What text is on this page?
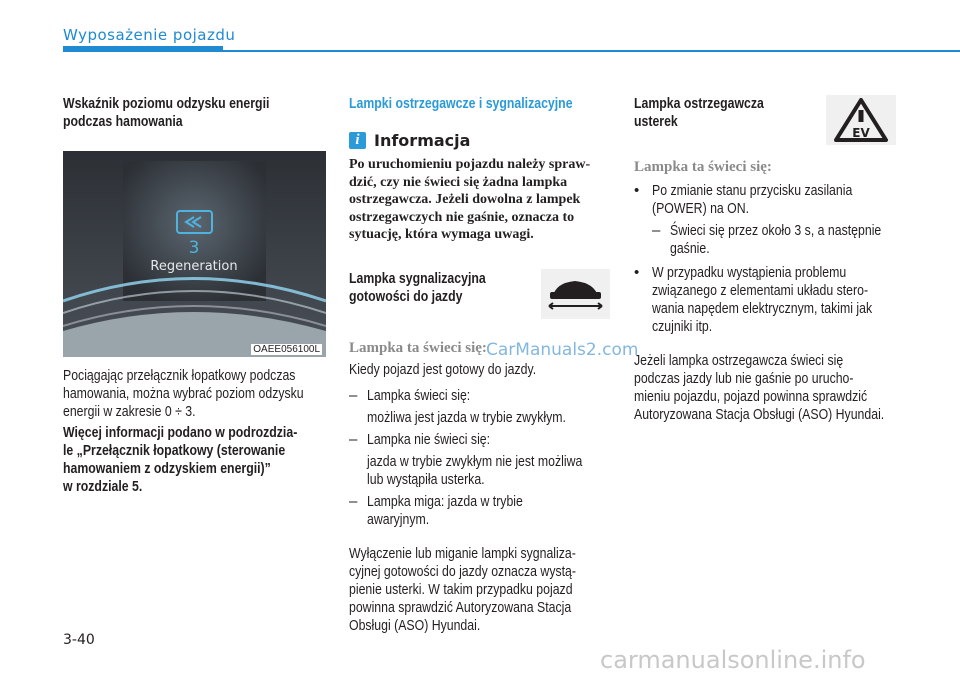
Wyposażenie pojazdu
Wskaźnik poziomu odzysku energii
podczas hamowania
3
Regeneration
OAEE056100L
Pociągając przełącznik łopatkowy podczas
hamowania, można wybrać poziom odzysku
energii w zakresie 0 ÷ 3.
Więcej informacji podano w podrozdzia-
le „Przełącznik łopatkowy (sterowanie
hamowaniem z odzyskiem energii)”
w rozdziale 5.
Lampki ostrzegawcze i sygnalizacyjne
i Informacja
Po uruchomieniu pojazdu należy spraw-
dzić, czy nie świeci się żadna lampka
ostrzegawcza. Jeżeli dowolna z lampek
ostrzegawczych nie gaśnie, oznacza to
sytuację, która wymaga uwagi.
Lampka sygnalizacyjna
gotowości do jazdy
Lampka ta świeci się:
Kiedy pojazd jest gotowy do jazdy.
– Lampka świeci się:
możliwa jest jazda w trybie zwykłym.
– Lampka nie świeci się:
jazda w trybie zwykłym nie jest możliwa
lub wystąpiła usterka.
– Lampka miga: jazda w trybie awaryjnym.
Wyłączenie lub miganie lampki sygnaliza-
cyjnej gotowości do jazdy oznacza wystą-
pienie usterki. W takim przypadku pojazd
powinna sprawdzić Autoryzowana Stacja
Obsługi (ASO) Hyundai.
Lampka ostrzegawcza
usterek
EV
Lampka ta świeci się:
• Po zmianie stanu przycisku zasilania
(POWER) na ON.
– Świeci się przez około 3 s, a następnie
gaśnie.
• W przypadku wystąpienia problemu
związanego z elementami układu stero-
wania napędem elektrycznym, takimi jak
czujniki itp.
Jeżeli lampka ostrzegawcza świeci się
podczas jazdy lub nie gaśnie po urucho-
mieniu pojazdu, pojazd powinna sprawdzić
Autoryzowana Stacja Obsługi (ASO) Hyundai.
CarManuals2.com
3-40
carmanualsonline.info
